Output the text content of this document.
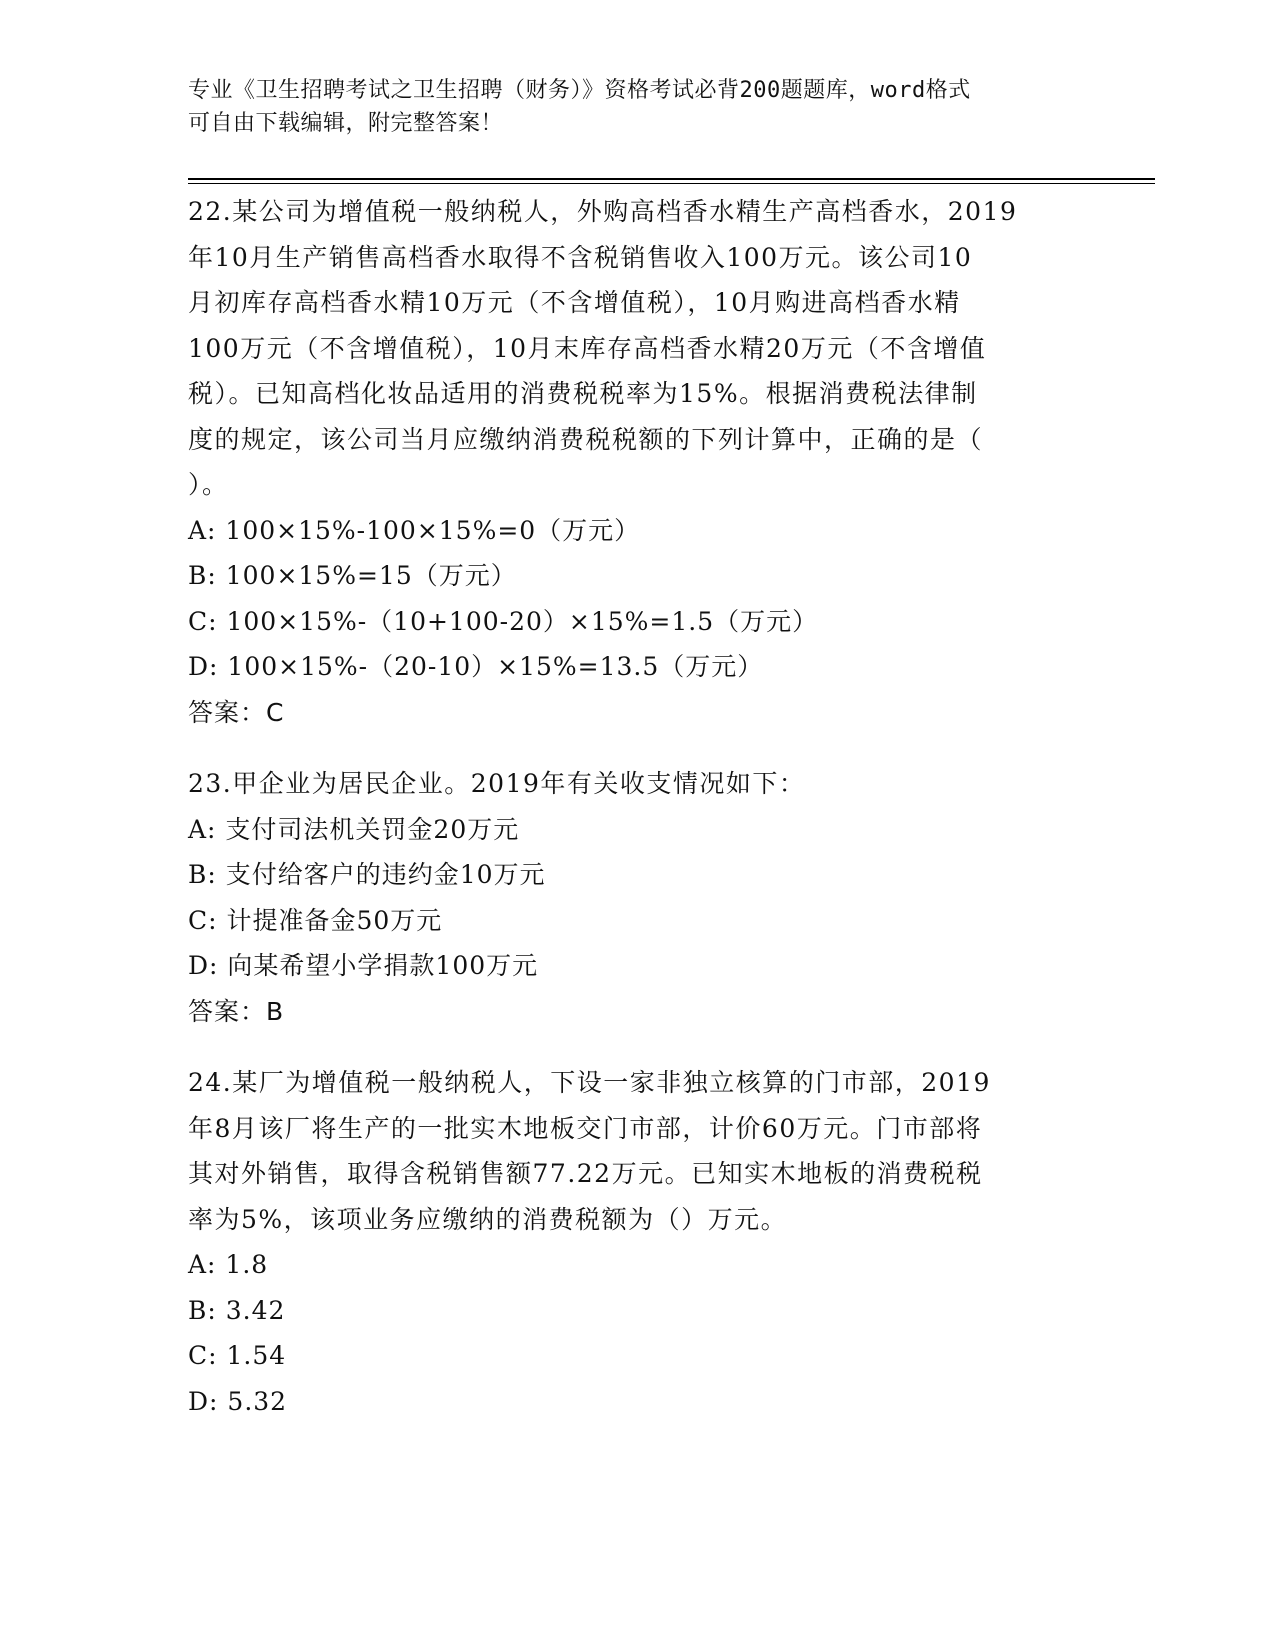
专业《卫生招聘考试之卫生招聘（财务）》资格考试必背200题题库，word格式
可自由下载编辑，附完整答案！
22.某公司为增值税一般纳税人，外购高档香水精生产高档香水，2019
年10月生产销售高档香水取得不含税销售收入100万元。该公司10
月初库存高档香水精10万元（不含增值税），10月购进高档香水精
100万元（不含增值税），10月末库存高档香水精20万元（不含增值
税）。已知高档化妆品适用的消费税税率为15%。根据消费税法律制
度的规定，该公司当月应缴纳消费税税额的下列计算中，正确的是（
）。
A: 100×15%-100×15%=0（万元）
B: 100×15%=15（万元）
C: 100×15%-（10+100-20）×15%=1.5（万元）
D: 100×15%-（20-10）×15%=13.5（万元）
答案：C
23.甲企业为居民企业。2019年有关收支情况如下：
A: 支付司法机关罚金20万元
B: 支付给客户的违约金10万元
C: 计提准备金50万元
D: 向某希望小学捐款100万元
答案：B
24.某厂为增值税一般纳税人，下设一家非独立核算的门市部，2019
年8月该厂将生产的一批实木地板交门市部，计价60万元。门市部将
其对外销售，取得含税销售额77.22万元。已知实木地板的消费税税
率为5%，该项业务应缴纳的消费税额为（）万元。
A: 1.8
B: 3.42
C: 1.54
D: 5.32
